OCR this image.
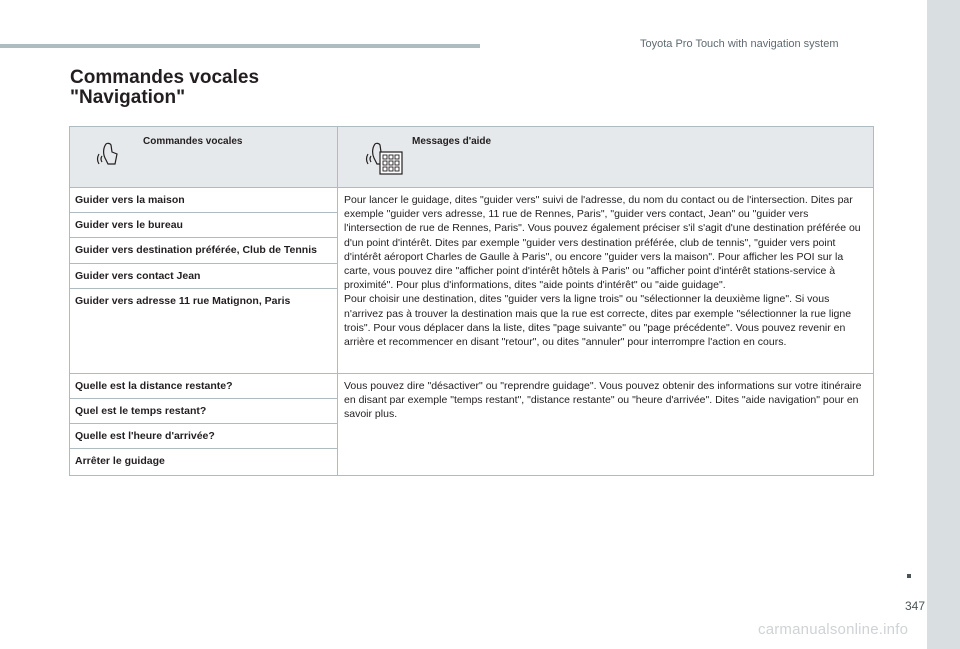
Toyota Pro Touch with navigation system
Commandes vocales
"Navigation"
Commandes vocales	Messages d'aide

Guider vers la maison	Pour lancer le guidage, dites "guider vers" suivi de l'adresse, du nom du contact ou de l'intersection. Dites par exemple "guider vers adresse, 11 rue de Rennes, Paris", "guider vers contact, Jean" ou "guider vers l'intersection de rue de Rennes, Paris". Vous pouvez également préciser s'il s'agit d'une destination préférée ou d'un point d'intérêt. Dites par exemple "guider vers destination préférée, club de tennis", "guider vers point d'intérêt aéroport Charles de Gaulle à Paris", ou encore "guider vers la maison". Pour afficher les POI sur la carte, vous pouvez dire "afficher point d'intérêt hôtels à Paris" ou "afficher point d'intérêt stations-service à proximité". Pour plus d'informations, dites "aide points d'intérêt" ou "aide guidage".
Pour choisir une destination, dites "guider vers la ligne trois" ou "sélectionner la deuxième ligne". Si vous n'arrivez pas à trouver la destination mais que la rue est correcte, dites par exemple "sélectionner la rue ligne trois". Pour vous déplacer dans la liste, dites "page suivante" ou "page précédente". Vous pouvez revenir en arrière et recommencer en disant "retour", ou dites "annuler" pour interrompre l'action en cours.
Guider vers le bureau	
Guider vers destination préférée, Club de Tennis	
Guider vers contact Jean	
Guider vers adresse 11 rue Matignon, Paris	
Quelle est la distance restante?	Vous pouvez dire "désactiver" ou "reprendre guidage". Vous pouvez obtenir des informations sur votre itinéraire en disant par exemple "temps restant", "distance restante" ou "heure d'arrivée". Dites "aide navigation" pour en savoir plus.
Quel est le temps restant?	
Quelle est l'heure d'arrivée?	
Arrêter le guidage	
347
carmanualsonline.info
